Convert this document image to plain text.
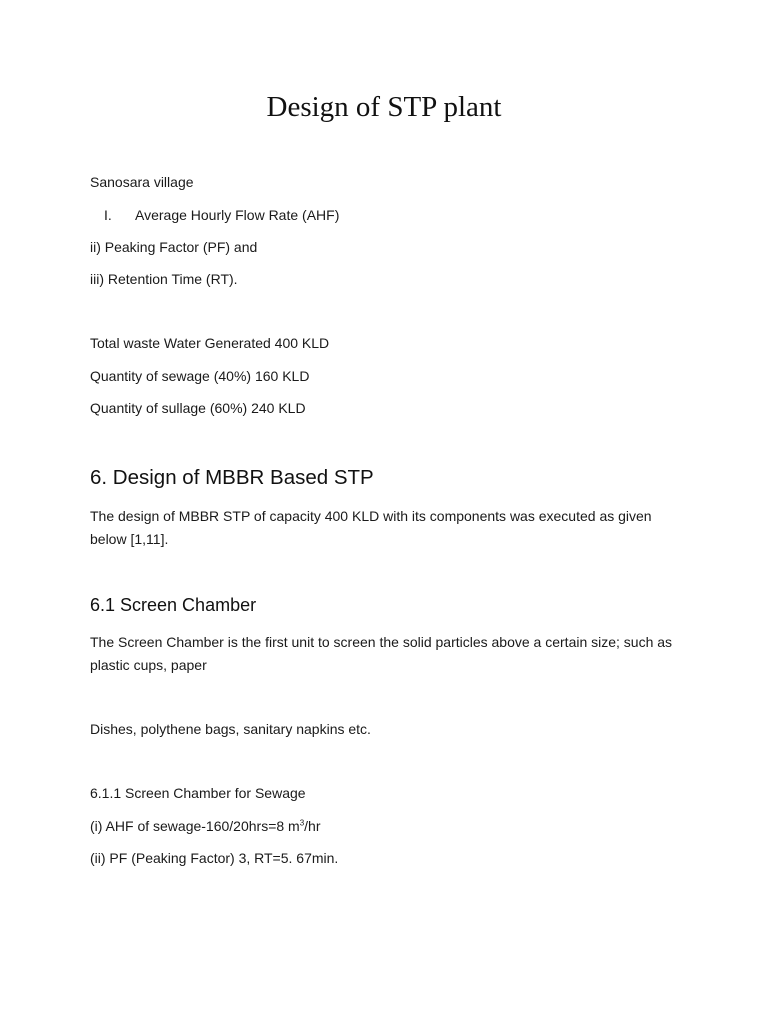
Design of STP plant

Sanosara village

I. Average Hourly Flow Rate (AHF)

ii) Peaking Factor (PF) and

iii) Retention Time (RT).

Total waste Water Generated 400 KLD

Quantity of sewage (40%) 160 KLD

Quantity of sullage (60%) 240 KLD

6. Design of MBBR Based STP

The design of MBBR STP of capacity 400 KLD with its components was executed as given below [1,11].

6.1 Screen Chamber

The Screen Chamber is the first unit to screen the solid particles above a certain size; such as plastic cups, paper

Dishes, polythene bags, sanitary napkins etc.

6.1.1 Screen Chamber for Sewage

(i) AHF of sewage-160/20hrs=8 $m^3/hr$

(ii) PF (Peaking Factor) 3, RT=5. 67min.
